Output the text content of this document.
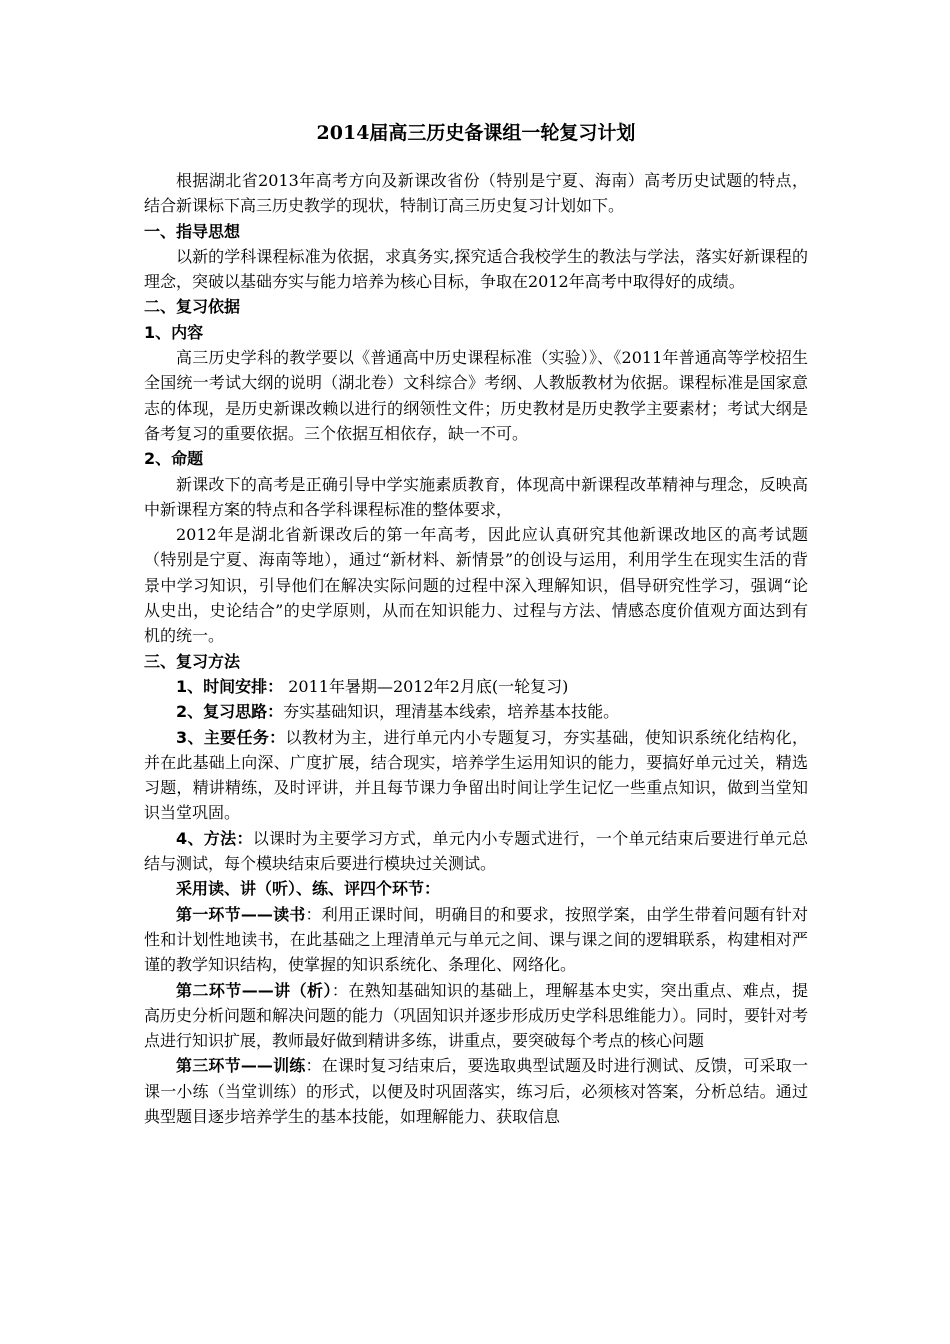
2014届高三历史备课组一轮复习计划

根据湖北省2013年高考方向及新课改省份（特别是宁夏、海南）高考历史试题的特点，结合新课标下高三历史教学的现状，特制订高三历史复习计划如下。

一、指导思想

以新的学科课程标准为依据，求真务实,探究适合我校学生的教法与学法，落实好新课程的理念，突破以基础夯实与能力培养为核心目标，争取在2012年高考中取得好的成绩。

二、复习依据

1、内容

高三历史学科的教学要以《普通高中历史课程标准（实验）》、《2011年普通高等学校招生全国统一考试大纲的说明（湖北卷）文科综合》考纲、人教版教材为依据。课程标准是国家意志的体现，是历史新课改赖以进行的纲领性文件；历史教材是历史教学主要素材；考试大纲是备考复习的重要依据。三个依据互相依存，缺一不可。

2、命题

新课改下的高考是正确引导中学实施素质教育，体现高中新课程改革精神与理念，反映高中新课程方案的特点和各学科课程标准的整体要求，

2012年是湖北省新课改后的第一年高考，因此应认真研究其他新课改地区的高考试题（特别是宁夏、海南等地），通过“新材料、新情景”的创设与运用，利用学生在现实生活的背景中学习知识，引导他们在解决实际问题的过程中深入理解知识，倡导研究性学习，强调“论从史出，史论结合”的史学原则，从而在知识能力、过程与方法、情感态度价值观方面达到有机的统一。

三、复习方法

1、时间安排： 2011年暑期—2012年2月底(一轮复习)

2、复习思路：夯实基础知识，理清基本线索，培养基本技能。

3、主要任务：以教材为主，进行单元内小专题复习，夯实基础，使知识系统化结构化，并在此基础上向深、广度扩展，结合现实，培养学生运用知识的能力，要搞好单元过关，精选习题，精讲精练，及时评讲，并且每节课力争留出时间让学生记忆一些重点知识，做到当堂知识当堂巩固。

4、方法：以课时为主要学习方式，单元内小专题式进行，一个单元结束后要进行单元总结与测试，每个模块结束后要进行模块过关测试。

采用读、讲（听）、练、评四个环节：

第一环节——读书：利用正课时间，明确目的和要求，按照学案，由学生带着问题有针对性和计划性地读书，在此基础之上理清单元与单元之间、课与课之间的逻辑联系，构建相对严谨的教学知识结构，使掌握的知识系统化、条理化、网络化。

第二环节——讲（析）：在熟知基础知识的基础上，理解基本史实，突出重点、难点，提高历史分析问题和解决问题的能力（巩固知识并逐步形成历史学科思维能力）。同时，要针对考点进行知识扩展，教师最好做到精讲多练，讲重点，要突破每个考点的核心问题

第三环节——训练：在课时复习结束后，要选取典型试题及时进行测试、反馈，可采取一课一小练（当堂训练）的形式，以便及时巩固落实，练习后，必须核对答案，分析总结。通过典型题目逐步培养学生的基本技能，如理解能力、获取信息
